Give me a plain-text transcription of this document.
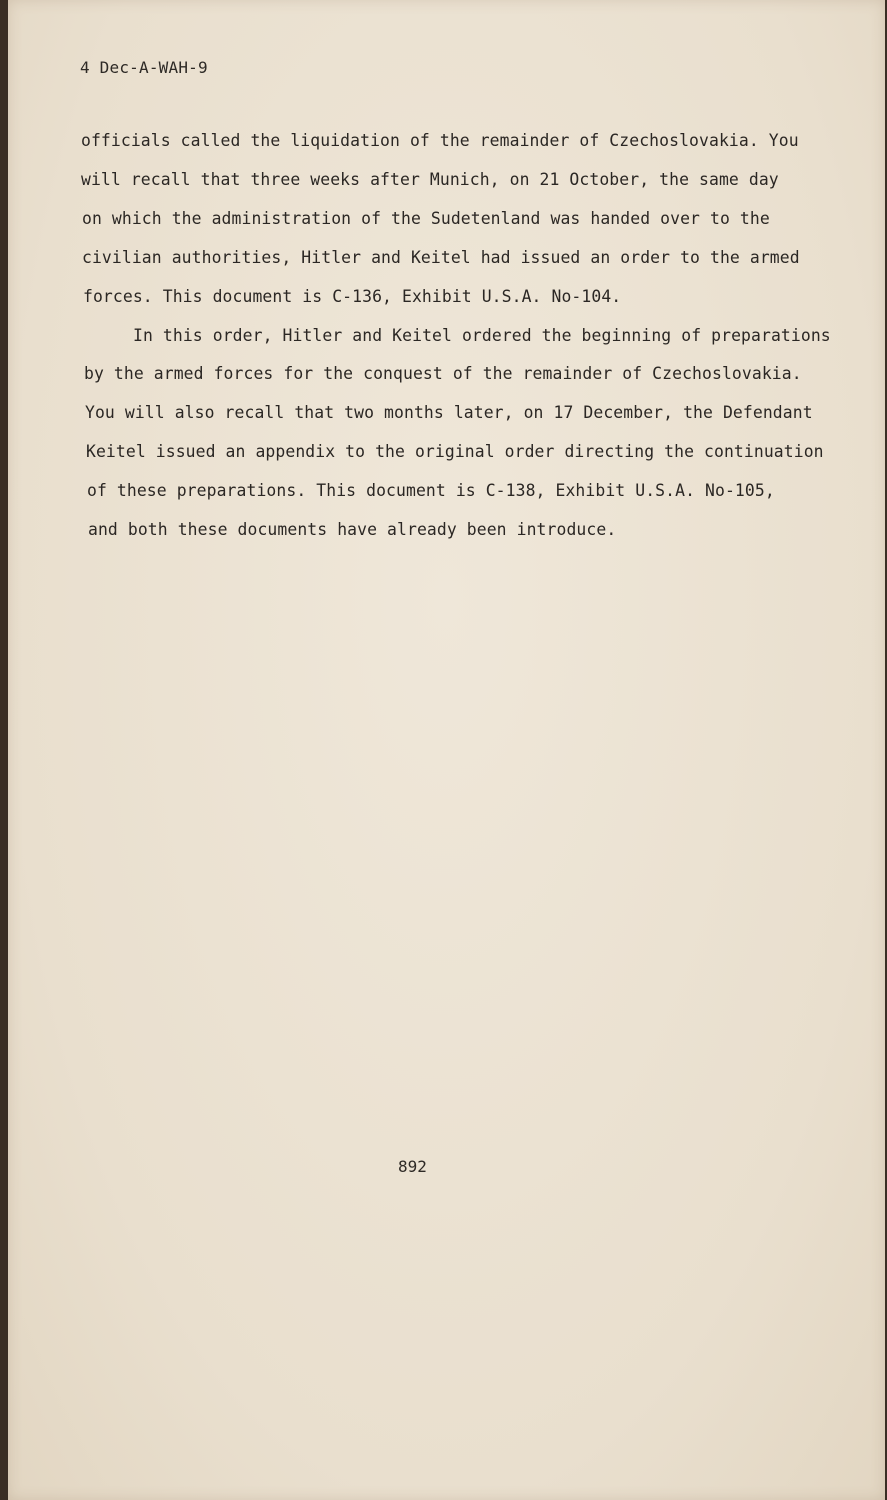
4 Dec-A-WAH-9
officials called the liquidation of the remainder of Czechoslovakia. You
will recall that three weeks after Munich, on 21 October, the same day
on which the administration of the Sudetenland was handed over to the
civilian authorities, Hitler and Keitel had issued an order to the armed
forces. This document is C-136, Exhibit U.S.A. No-104.
In this order, Hitler and Keitel ordered the beginning of preparations
by the armed forces for the conquest of the remainder of Czechoslovakia.
You will also recall that two months later, on 17 December, the Defendant
Keitel issued an appendix to the original order directing the continuation
of these preparations. This document is C-138, Exhibit U.S.A. No-105,
and both these documents have already been introduce.
892
